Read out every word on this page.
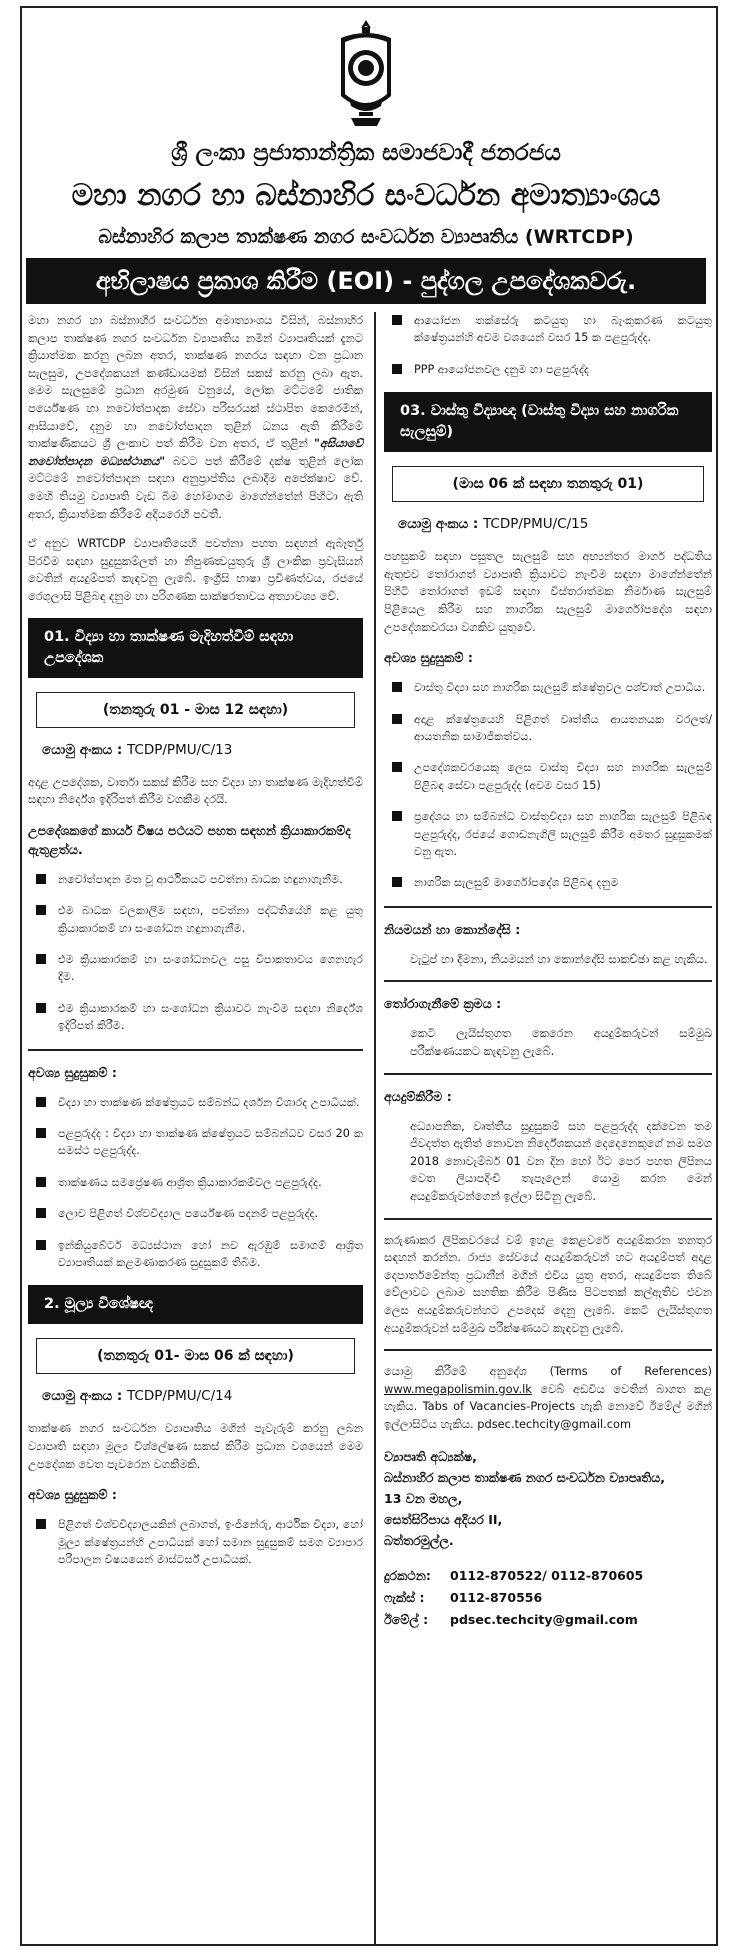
ශ්‍රී ලංකා ප්‍රජාතාන්ත්‍රික සමාජවාදී ජනරජය
මහා නගර හා බස්නාහිර සංවර්ධන අමාත්‍යාංශය
බස්නාහිර කලාප තාක්ෂණ නගර සංවර්ධන ව්‍යාපෘතිය (WRTCDP)
අභිලාෂය ප්‍රකාශ කිරීම (EOI) - පුද්ගල උපදේශකවරු.

මහා නගර හා බස්නාහිර සංවර්ධන අමාත්‍යාංශය විසින්, බස්නාහිර කලාප තාක්ෂණ නගර සංවර්ධන ව්‍යාපෘතිය නමින් ව්‍යාපෘතියක් දැනට ක්‍රියාත්මක කරනු ලබන අතර, තාක්ෂණ නගරය සඳහා වන ප්‍රධාන සැලසුම, උපදේශකයන් කණ්ඩායමක් විසින් සකස් කරනු ලබා ඇත. මෙම සැලසුමේ ප්‍රධාන අරමුණ වනුයේ, ලෝක මට්ටමේ ජාතික පර්යේෂණ හා නවෝත්පාදක සේවා පරිසරයක් ස්ථාපිත කෙරෙමින්, ආසියාවේ, දනුම හා නවෝත්පාදන තුළින් ධනය ඇති කිරීමේ තාක්ෂණිකයට ශ්‍රී ලංකාව පත් කිරීම වන අතර, ඒ තුළින් "අසියාවේ නවෝත්පාදන මධ්‍යස්ථානය" බවට පත් කිරීමේ දක්ෂ තුළින් ලෝක මට්ටමේ නවෝත්පාදන සඳහා අනුප්‍රාප්තිය ලබාදීම අපේක්ෂාව වේ. මෙහි තියමු ව්‍යාපෘති වැඩ බිම හෝමාගම මාගේන්තේන් පිහිටා ඇති අතර, ක්‍රියාත්මක කිරීමේ අදියරෙහි පවතී.

ඒ අනුව WRTCDP ව්‍යාපෘතියෙහි පවත්නා පහත සඳහන් ඇබෑර්තු පිරවීම සඳහා සුදුසුකම්ලත් හා නිපුණත්‍වයුතුරු ශ්‍රී ලාංකික ප්‍රවැසියන් වෙතින් අයදුම්පත් කැඳවනු ලැබේ. ඉංග්‍රීසි භාෂා ප්‍රවීණත්වය, රජයේ රෙගුලාසි පිළිබඳ දනුම හා පරිගණක සාක්ෂරතාවය අත්‍යාවශ්‍ය වේ.

01. විද්‍යා හා තාක්ෂණ මැදිහත්වීම් සඳහා උපදේශක
(තනතුරු 01 - මාස 12 සඳහා)
යොමු අංකය : TCDP/PMU/C/13

අදාළ උපදේශක, වාර්තා සකස් කිරීම සහ විද්‍යා හා තාක්ෂණ මැදිහත්වීම් සඳහා නිර්දේශ ඉදිරිපත් කිරීම වගකීම දරයි.

උපදේශකගේ කාර්ය විෂය පථයට පහත සඳහන් ක්‍රියාකාරකම්ද ඇතුළත්ය.
නවෝත්පාදන මත වූ ආර්ථිකයට පවත්නා බාධක හඳුනාගැනීම.
එම බාධක වලකාලීම සඳහා, පවත්නා පද්ධතියේහි කළ යුතු ක්‍රියාකාරකම් හා සංශෝධන හඳුනාගැනීම.
එම ක්‍රියාකාරකම් හා සංශෝධනවල පසු විපාකතාවය ගෙනහැර දීම.
එම ක්‍රියාකාරකම් හා සංශෝධන ක්‍රියාවට නැංවීම සඳහා නිර්දේශ ඉදිරිපත් කිරීම.
අවශ්‍ය සුදුසුකම් :
විද්‍යා හා තාක්ෂණ ක්ෂේත්‍රයට සම්බන්ධ දර්ශන විශාරද උපාධියක්.
පළපුරුද්ද : විද්‍යා හා තාක්ෂණ ක්ෂේත්‍රයට සම්බන්ධව වසර 20 ක සමස්ථ පළපුරුද්ද.
තාක්ෂණය සමප්‍රේෂණ ආශ්‍රිත ක්‍රියාකාරකම්වල පළපුරුද්ද.
ලොව පිළිගත් විශ්වවිද්‍යාල පර්යේෂණ පදනම් පළපුරුද්ද.
ඉන්කියුබේටර් මධ්‍යස්ථාන හෝ නව ඇරඹුම් සමාගම් ආශ්‍රිත ව්‍යාපෘතියක් කළමණාකරණ සුදුසුකම් තිබීම.
2. මූල්‍ය විශේෂඥ
(තනතුරු 01- මාස 06 ක් සඳහා)
යොමු අංකය : TCDP/PMU/C/14

තාක්ෂණ නගර සංවර්ධන ව්‍යාපෘතිය මගින් පැවැරුම් කරනු ලබන ව්‍යාපෘති සඳහා මූල්‍ය විශ්ලේෂණ සකස් කිරීම ප්‍රධාන වශයෙන් මෙම උපදේශක වෙත පැවරෙන වගකීමකි.

අවශ්‍ය සුදුසුකම් :
පිළිගත් විශ්වවිද්‍යාලයකින් ලබාගත්, ඉංජිනේරු, ආර්ථික විද්‍යා, හෝ මූල්‍ය ක්ෂේත්‍රයන්හි උපාධියක් හෝ සමාන සුදුසුකම් සමග ව්‍යාපාර පරිපාලන විෂයයෙන් මාස්ටර්ස් උපාධියක්.
ආයෝජන තක්සේරු කටයුතු හා බැංකුකරණ කටයුතු ක්ෂේත්‍රයන්හි අවම වශයෙන් වසර 15 ක පළපුරුද්ද.
PPP ආයෝජනවල දනුම හා පළපුරුද්ද
03. වාස්තු විද්‍යාඥ (වාස්තු විද්‍යා සහ නාගරික සැලසුම්)
(මාස 06 ක් සඳහා තනතුරු 01)
යොමු අංකය : TCDP/PMU/C/15

පහසුකම් සඳහා පසුතල සැලසුම් සහ අභ්‍යන්තර මාර්ග පද්ධතිය ඇතුළුව තෝරාගත් ව්‍යාපෘති ක්‍රියාවට නැංවීම සඳහා මාගේන්තේන් පිහිටි තෝරාගත් ඉඩම් සඳහා විස්තරාත්මක නිර්මාණ සැලසුම් පිළියෙල කිරීම සහ නාගරික සැලසුම් මාර්ගෝපදේශ සඳහා උපදේශකවරයා වගකිව යුතුවේ.

අවශ්‍ය සුදුසුකම් :
වාස්තු විද්‍යා සහ නාගරික සැලසුම් ක්ෂේත්‍රවල පශ්චාත් උපාධිය.
අදාළ ක්ෂේත්‍රයෙහි පිළිගත් වෘත්තීය ආයතනයක වරලත්/ ආයතනික සාමාජිකත්වය.
උපදේශකවරයෙකු ලෙස වාස්තු විද්‍යා සහ නාගරික සැලසුම් පිළිබඳ සේවා පළපුරුද්ද (අවම වසර 15)
ප්‍රදේශය හා සම්බන්ධ වාස්තුවිද්‍යා සහ නාගරික සැලසුම් පිළිබඳ පළපුරුද්ද, රජයේ ගොඩනැගිලි සැලසුම් කිරීම අමතර සුදුසුකමක් වනු ඇත.
නාගරික සැලසුම් මාර්ගෝපදේශ පිළිබඳ දනුම
නියමයන් හා කොන්දේසි :

වැටුප් හා දීමනා, නියමයන් හා කොන්දේසි සාකච්ඡා කළ හැකිය.

තෝරාගැනීමේ ක්‍රමය :

කෙටි ලැයිස්තුගත කෙරෙන අයදුම්කරුවන් සම්මුඛ පරීක්ෂණයකට කැඳවනු ලැබේ.

අයදුම්කිරීම :

අධ්‍යාපනික, වෘත්තීය සුදුසුකම් සහ පළපුරුද්ද දක්වෙන තම ජීවදත්ත ඇතිත් නොවන නිර්දේශකයන් දෙදෙනෙකුගේ නම සමග 2018 නොවැම්බර් 01 වන දින හෝ ඊට පෙර පහත ලිපිනය වෙත ලියාපදිංචි තැපෑලෙන් යොමු කරන මෙන් අයදුම්කරුවන්ගෙන් ඉල්ලා සිටිනු ලැබේ.

කරුණාකර ලිපිකවරයේ වම් ඉහළ කෙළවරේ අයදුම්කරන තනතුර සඳහන් කරන්න. රාජ්‍ය සේවයේ අයදුම්කරුවන් හට අයදුම්පත් අදාළ දෙපාර්තමේන්තු ප්‍රධානීන් මගින් එවිය යුතු අතර, අයදුම්පත තිබේ වේලාවට ලබාම සහතික කිරීම පිණිස පිටපතක් කල්ඇතිව එවන ලෙස අයදුම්කරුවන්හට උපදෙස් දෙනු ලැබේ. කෙටි ලැයිස්තුගත අයදුම්කරුවන් සම්මුඛ පරීක්ෂණයට කැඳවනු ලැබේ.

යොමු කිරීමේ අනුදේශ (Terms of References) www.megapolismin.gov.lk වෙබ් අඩවිය වෙතින් බාගත කළ හැකිය. Tabs of Vacancies-Projects හැකි නොවේ ඊමේල් මගින් ඉල්ලාසිටිය හැකිය. pdsec.techcity@gmail.com

ව්‍යාපෘති අධ්‍යක්ෂ,
බස්නාහිර කලාප තාක්ෂණ නගර සංවර්ධන ව්‍යාපෘතිය,
13 වන මහල,
සෙත්සිරිපාය අදියර II,
බත්තරමුල්ල.
දුරකථන: 0112-870522/ 0112-870605
ෆැක්ස් : 0112-870556
ඊමේල් : pdsec.techcity@gmail.com
